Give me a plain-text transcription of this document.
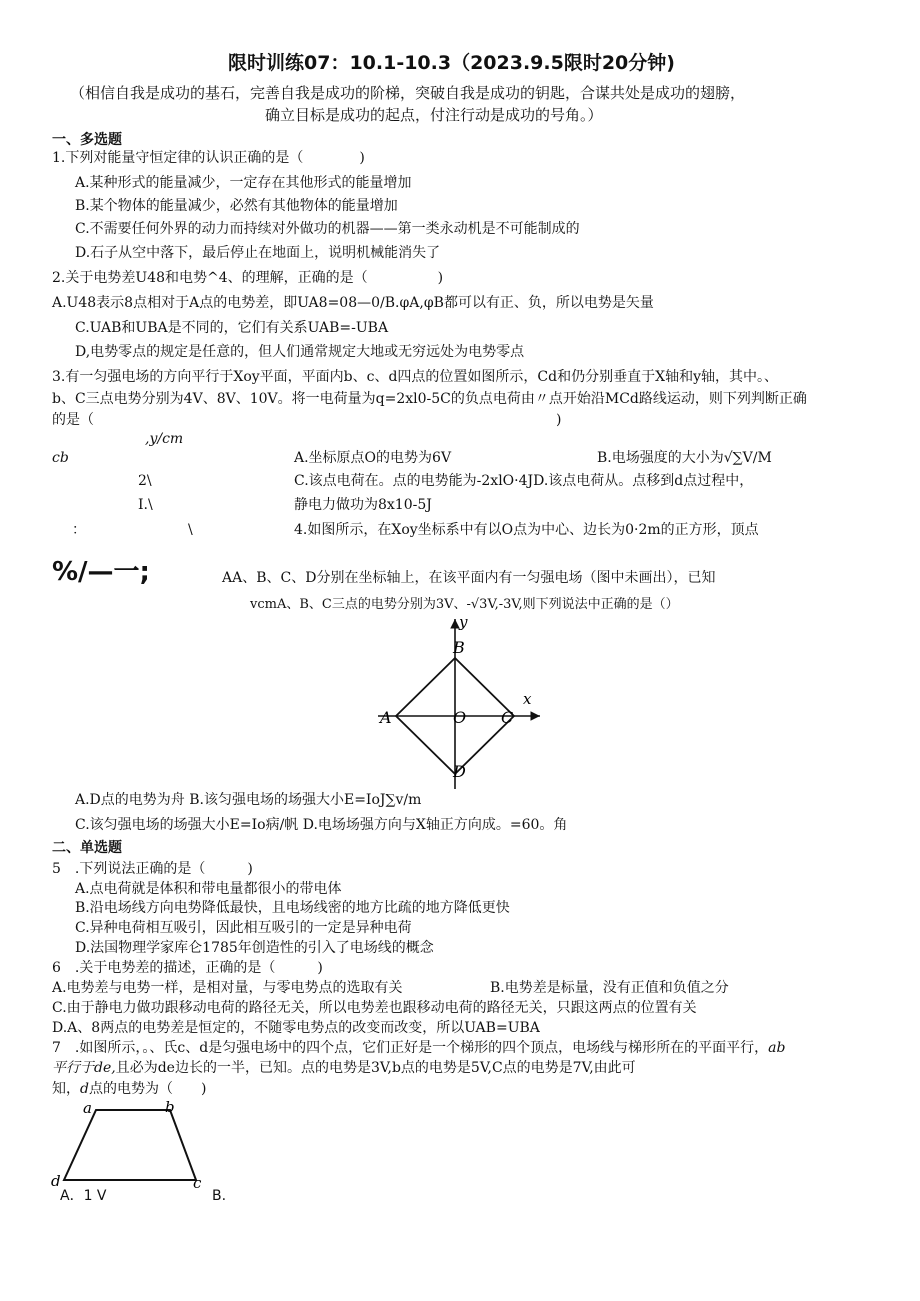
限时训练07：10.1-10.3（2023.9.5限时20分钟)
（相信自我是成功的基石，完善自我是成功的阶梯，突破自我是成功的钥匙，合谋共处是成功的翅膀，
确立目标是成功的起点，付注行动是成功的号角。）
一、多选题
1.下列对能量守恒定律的认识正确的是（　　　　)
A.某种形式的能量减少，一定存在其他形式的能量增加
B.某个物体的能量减少，必然有其他物体的能量增加
C.不需要任何外界的动力而持续对外做功的机器——第一类永动机是不可能制成的
D.石子从空中落下，最后停止在地面上，说明机械能消失了
2.关于电势差U48和电势^4、的理解，正确的是（　　　　　)
A.U48表示8点相对于A点的电势差，即UA8=08—0∕B.φA,φB都可以有正、负，所以电势是矢量
C.UAB和UBA是不同的，它们有关系UAB=-UBA
D,电势零点的规定是任意的，但人们通常规定大地或无穷远处为电势零点
3.有一匀强电场的方向平行于Xoy平面，平面内b、c、d四点的位置如图所示，Cd和仍分别垂直于X轴和y轴，其中。、
b、C三点电势分别为4V、8V、10V。将一电荷量为q=2xl0-5C的负点电荷由〃点开始沿MCd路线运动，则下列判断正确
的是（　　　　　　　　　　　　　　　　　　　　　　　　　　　　　　　　　)
,y/cm
cb
2\
I.\
：	\
A.坐标原点O的电势为6V	B.电场强度的大小为√∑V∕M
C.该点电荷在。点的电势能为-2xlO·4JD.该点电荷从。点移到d点过程中，
静电力做功为8x10-5J
4.如图所示，在Xoy坐标系中有以O点为中心、边长为0·2m的正方形，顶点
%∕—一;	AA、B、C、D分别在坐标轴上，在该平面内有一匀强电场（图中未画出），已知
vcmA、B、C三点的电势分别为3V、-√3V,-3V,则下列说法中正确的是（）
y
x
B
A	O C
D
A.D点的电势为舟 B.该匀强电场的场强大小E=IoJ∑v∕m
C.该匀强电场的场强大小E=Io病/帆 D.电场场强方向与X轴正方向成。=60。角
二、单选题
5　.下列说法正确的是（　　　)
A.点电荷就是体积和带电量都很小的带电体
B.沿电场线方向电势降低最快，且电场线密的地方比疏的地方降低更快
C.异种电荷相互吸引，因此相互吸引的一定是异种电荷
D.法国物理学家库仑1785年创造性的引入了电场线的概念
6　.关于电势差的描述，正确的是（　　　)
A.电势差与电势一样，是相对量，与零电势点的选取有关	B.电势差是标量，没有正值和负值之分
C.由于静电力做功跟移动电荷的路径无关，所以电势差也跟移动电荷的路径无关，只跟这两点的位置有关
D.A、8两点的电势差是恒定的，不随零电势点的改变而改变，所以UAB=UBA
7　.如图所示，。、氏c、d是匀强电场中的四个点，它们正好是一个梯形的四个顶点，电场线与梯形所在的平面平行，ab
平行于de,且必为de边长的一半，已知。点的电势是3V,b点的电势是5V,C点的电势是7V,由此可
知，d点的电势为（　　)
a	b
d	c
A．1 V	B.
